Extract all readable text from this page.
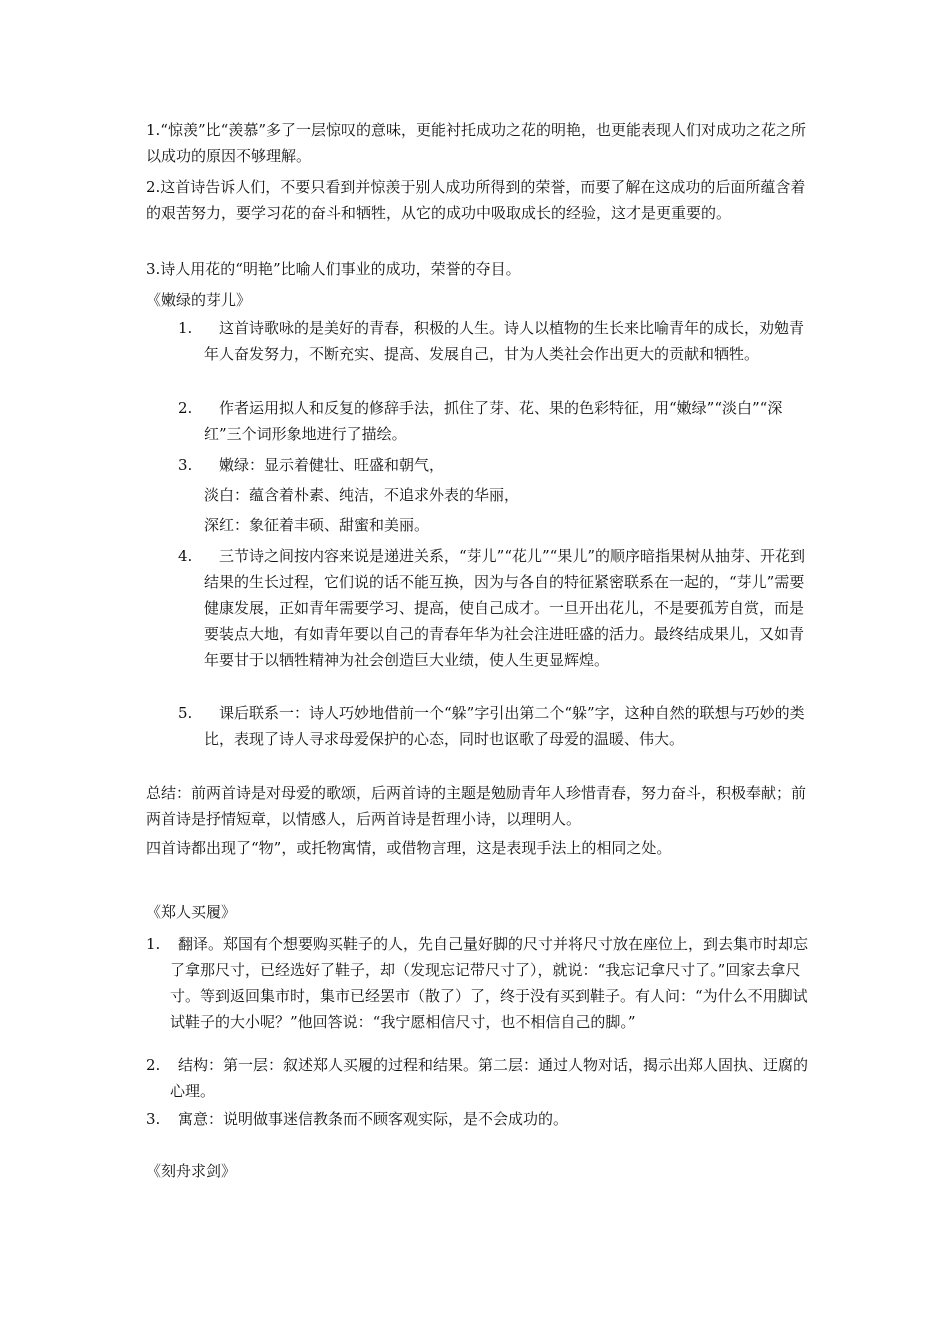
1.“惊羡”比“羡慕”多了一层惊叹的意味，更能衬托成功之花的明艳，也更能表现人们对成功之花之所以成功的原因不够理解。

2.这首诗告诉人们，不要只看到并惊羡于别人成功所得到的荣誉，而要了解在这成功的后面所蕴含着的艰苦努力，要学习花的奋斗和牺牲，从它的成功中吸取成长的经验，这才是更重要的。

3.诗人用花的“明艳”比喻人们事业的成功，荣誉的夺目。

《嫩绿的芽儿》
1.	这首诗歌咏的是美好的青春，积极的人生。诗人以植物的生长来比喻青年的成长，劝勉青年人奋发努力，不断充实、提高、发展自己，甘为人类社会作出更大的贡献和牺牲。
2.	作者运用拟人和反复的修辞手法，抓住了芽、花、果的色彩特征，用“嫩绿”“淡白”“深红”三个词形象地进行了描绘。
3.	嫩绿：显示着健壮、旺盛和朝气，
淡白：蕴含着朴素、纯洁，不追求外表的华丽，
深红：象征着丰硕、甜蜜和美丽。
4.	三节诗之间按内容来说是递进关系，“芽儿”“花儿”“果儿”的顺序暗指果树从抽芽、开花到结果的生长过程，它们说的话不能互换，因为与各自的特征紧密联系在一起的，“芽儿”需要健康发展，正如青年需要学习、提高，使自己成才。一旦开出花儿，不是要孤芳自赏，而是要装点大地，有如青年要以自己的青春年华为社会注进旺盛的活力。最终结成果儿，又如青年要甘于以牺牲精神为社会创造巨大业绩，使人生更显辉煌。
5.	课后联系一：诗人巧妙地借前一个“躲”字引出第二个“躲”字，这种自然的联想与巧妙的类比，表现了诗人寻求母爱保护的心态，同时也讴歌了母爱的温暖、伟大。

总结：前两首诗是对母爱的歌颂，后两首诗的主题是勉励青年人珍惜青春，努力奋斗，积极奉献；前两首诗是抒情短章，以情感人，后两首诗是哲理小诗，以理明人。

四首诗都出现了“物”，或托物寓情，或借物言理，这是表现手法上的相同之处。

《郑人买履》
1.	翻译。郑国有个想要购买鞋子的人，先自己量好脚的尺寸并将尺寸放在座位上，到去集市时却忘了拿那尺寸，已经选好了鞋子，却（发现忘记带尺寸了），就说：“我忘记拿尺寸了。”回家去拿尺寸。等到返回集市时，集市已经罢市（散了）了，终于没有买到鞋子。有人问：“为什么不用脚试试鞋子的大小呢？”他回答说：“我宁愿相信尺寸，也不相信自己的脚。”
2.	结构：第一层：叙述郑人买履的过程和结果。第二层：通过人物对话，揭示出郑人固执、迂腐的心理。
3.	寓意：说明做事迷信教条而不顾客观实际，是不会成功的。
《刻舟求剑》
